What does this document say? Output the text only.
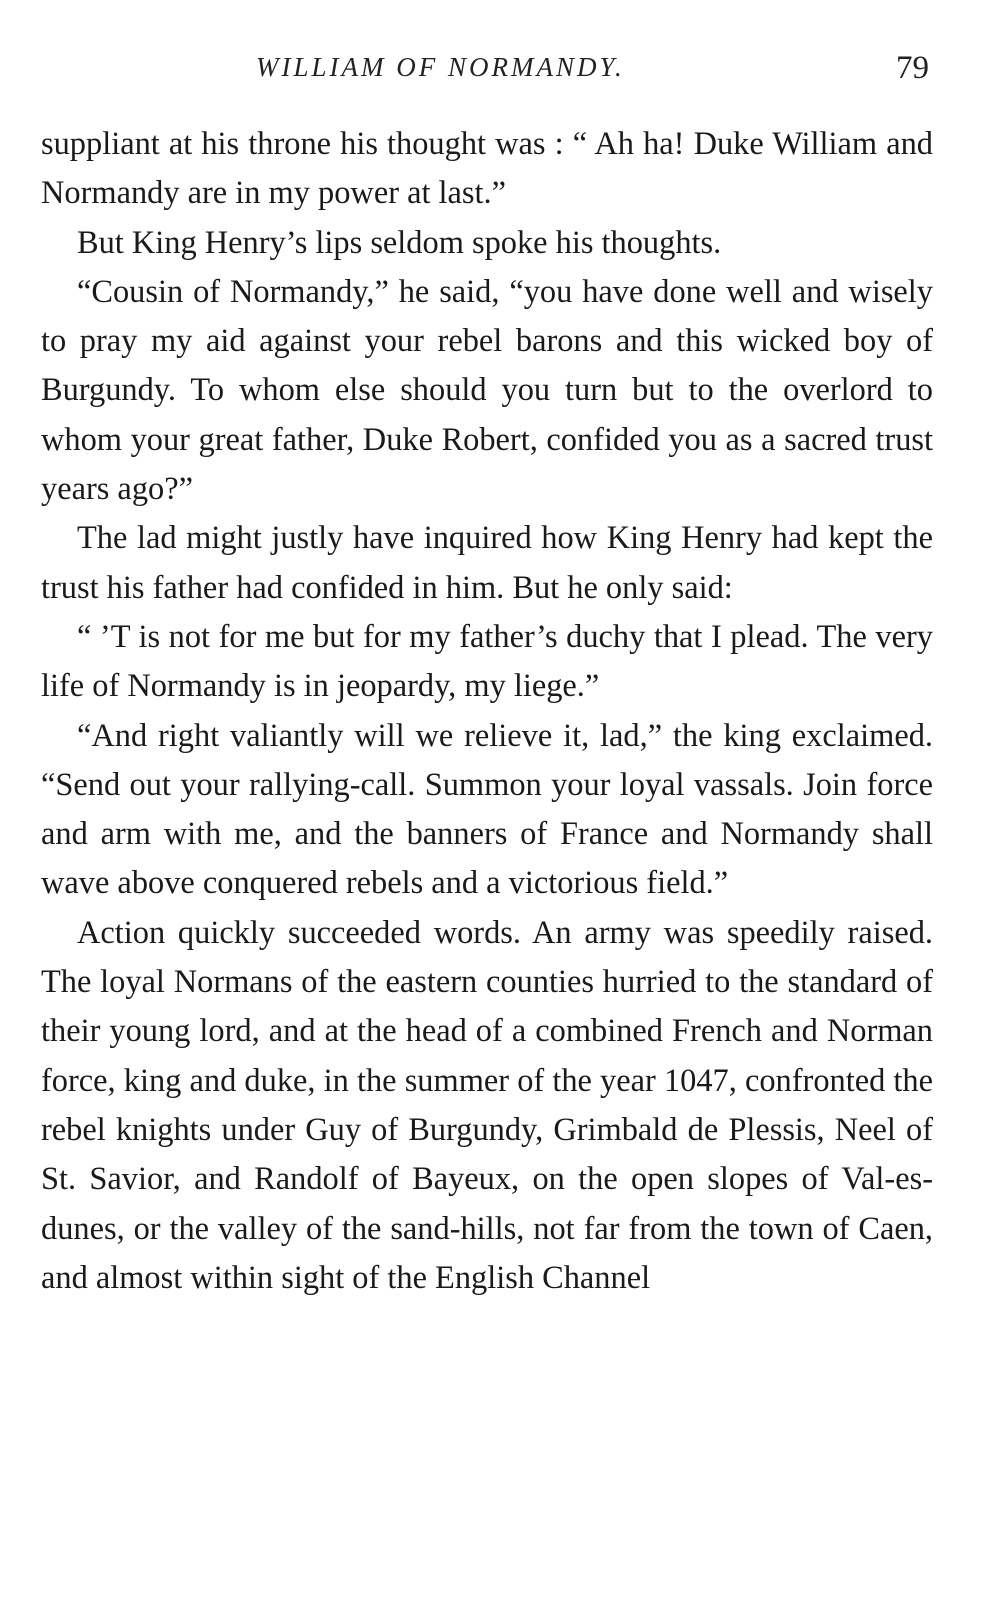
WILLIAM OF NORMANDY.	79

suppliant at his throne his thought was : “ Ah ha! Duke William and Normandy are in my power at last.”

But King Henry’s lips seldom spoke his thoughts.

“Cousin of Normandy,” he said, “you have done well and wisely to pray my aid against your rebel barons and this wicked boy of Burgundy. To whom else should you turn but to the overlord to whom your great father, Duke Robert, confided you as a sacred trust years ago?”

The lad might justly have inquired how King Henry had kept the trust his father had confided in him. But he only said:

“ ’T is not for me but for my father’s duchy that I plead. The very life of Normandy is in jeopardy, my liege.”

“And right valiantly will we relieve it, lad,” the king exclaimed. “Send out your rallying-call. Summon your loyal vassals. Join force and arm with me, and the banners of France and Normandy shall wave above conquered rebels and a victorious field.”

Action quickly succeeded words. An army was speedily raised. The loyal Normans of the eastern counties hurried to the standard of their young lord, and at the head of a combined French and Norman force, king and duke, in the summer of the year 1047, confronted the rebel knights under Guy of Burgundy, Grimbald de Plessis, Neel of St. Savior, and Randolf of Bayeux, on the open slopes of Val-es-dunes, or the valley of the sand-hills, not far from the town of Caen, and almost within sight of the English Channel
